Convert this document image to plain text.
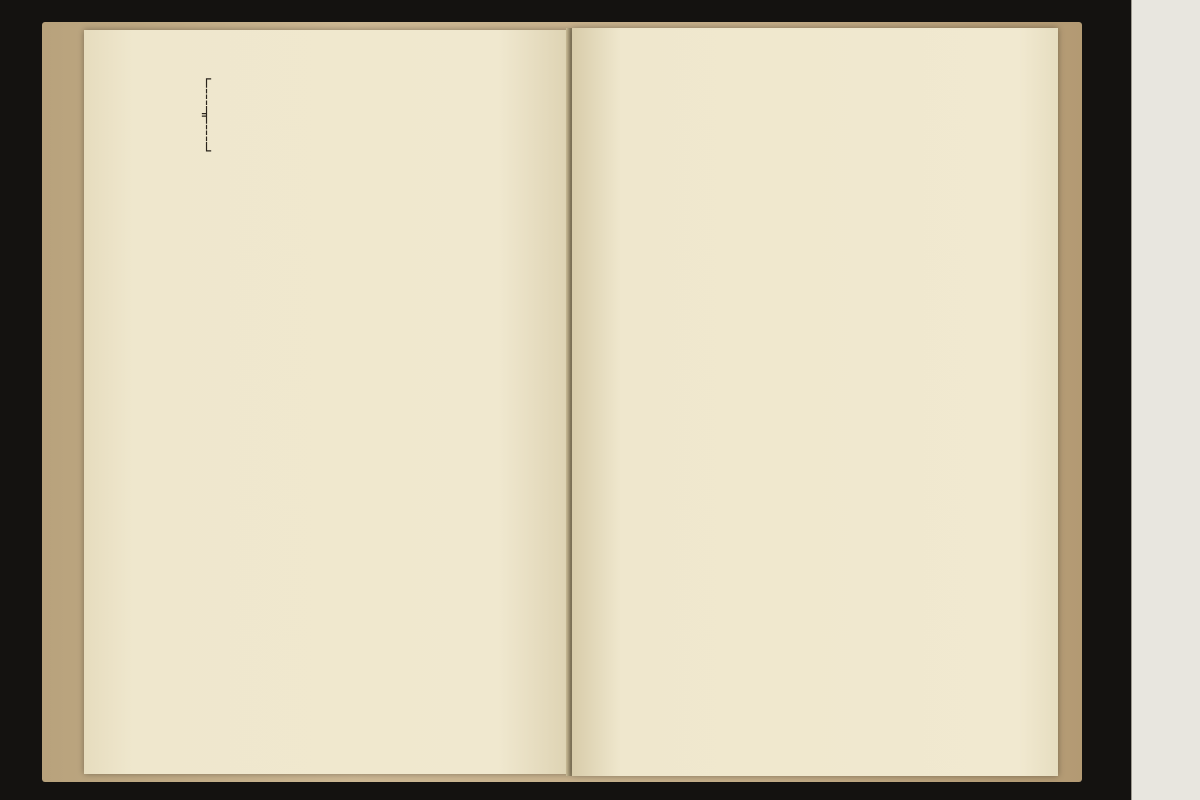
┌
┆
╡
┆
└
